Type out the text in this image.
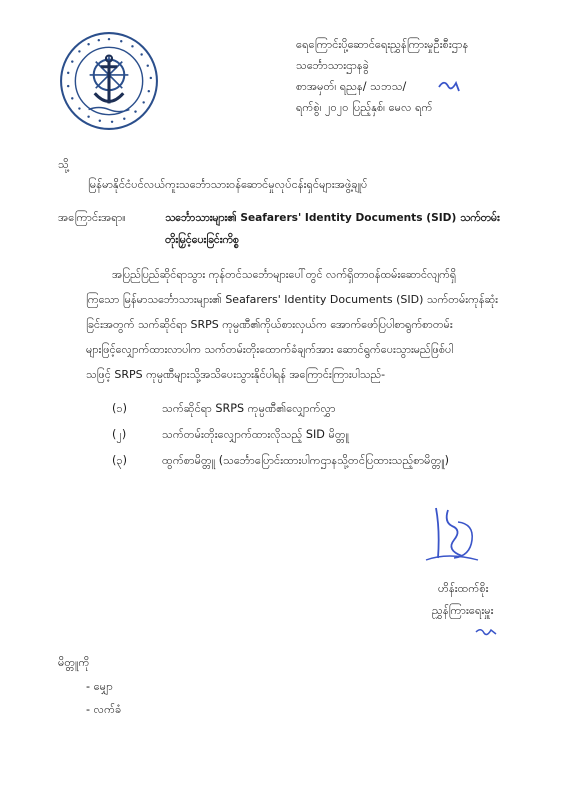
ရေကြောင်းပို့ဆောင်ရေးညွှန်ကြားမှုဦးစီးဌာန
သင်္ဘောသားဌာနခွဲ
စာအမှတ်၊ ရညန/ သဘသ/
ရက်စွဲ၊ ၂၀၂၀ ပြည့်နှစ်၊ မေလ ရက်
သို့
မြန်မာနိုင်ငံပင်လယ်ကူးသင်္ဘောသားဝန်ဆောင်မှုလုပ်ငန်းရှင်များအဖွဲ့ချုပ်
အကြောင်းအရာ။	သင်္ဘောသားများ၏ Seafarers' Identity Documents (SID) သက်တမ်း
တိုးမြှင့်ပေးခြင်းကိစ္စ
အပြည်ပြည်ဆိုင်ရာသွား ကုန်တင်သင်္ဘောများပေါ်တွင် လက်ရှိတာဝန်ထမ်းဆောင်လျက်ရှိ
ကြသော မြန်မာသင်္ဘောသားများ၏ Seafarers' Identity Documents (SID) သက်တမ်းကုန်ဆုံး
ခြင်းအတွက် သက်ဆိုင်ရာ SRPS ကုမ္ပဏီ၏ကိုယ်စားလှယ်က အောက်ဖော်ပြပါစာရွက်စာတမ်း
များဖြင့်လျှောက်ထားလာပါက သက်တမ်းတိုးထောက်ခံချက်အား ဆောင်ရွက်ပေးသွားမည်ဖြစ်ပါ
သဖြင့် SRPS ကုမ္ပဏီများသို့အသိပေးသွားနိုင်ပါရန် အကြောင်းကြားပါသည်-
(၁)	သက်ဆိုင်ရာ SRPS ကုမ္ပဏီ၏လျှောက်လွှာ
(၂)	သက်တမ်းတိုးလျှောက်ထားလိုသည့် SID မိတ္တူ
(၃)	ထွက်စာမိတ္တူ (သင်္ဘောပြောင်းထားပါကဌာနသို့တင်ပြထားသည့်စာမိတ္တူ)
ဟိန်းထက်စိုး
ညွှန်ကြားရေးမှူး
မိတ္တူကို
- မျှော
- လက်ခံ
